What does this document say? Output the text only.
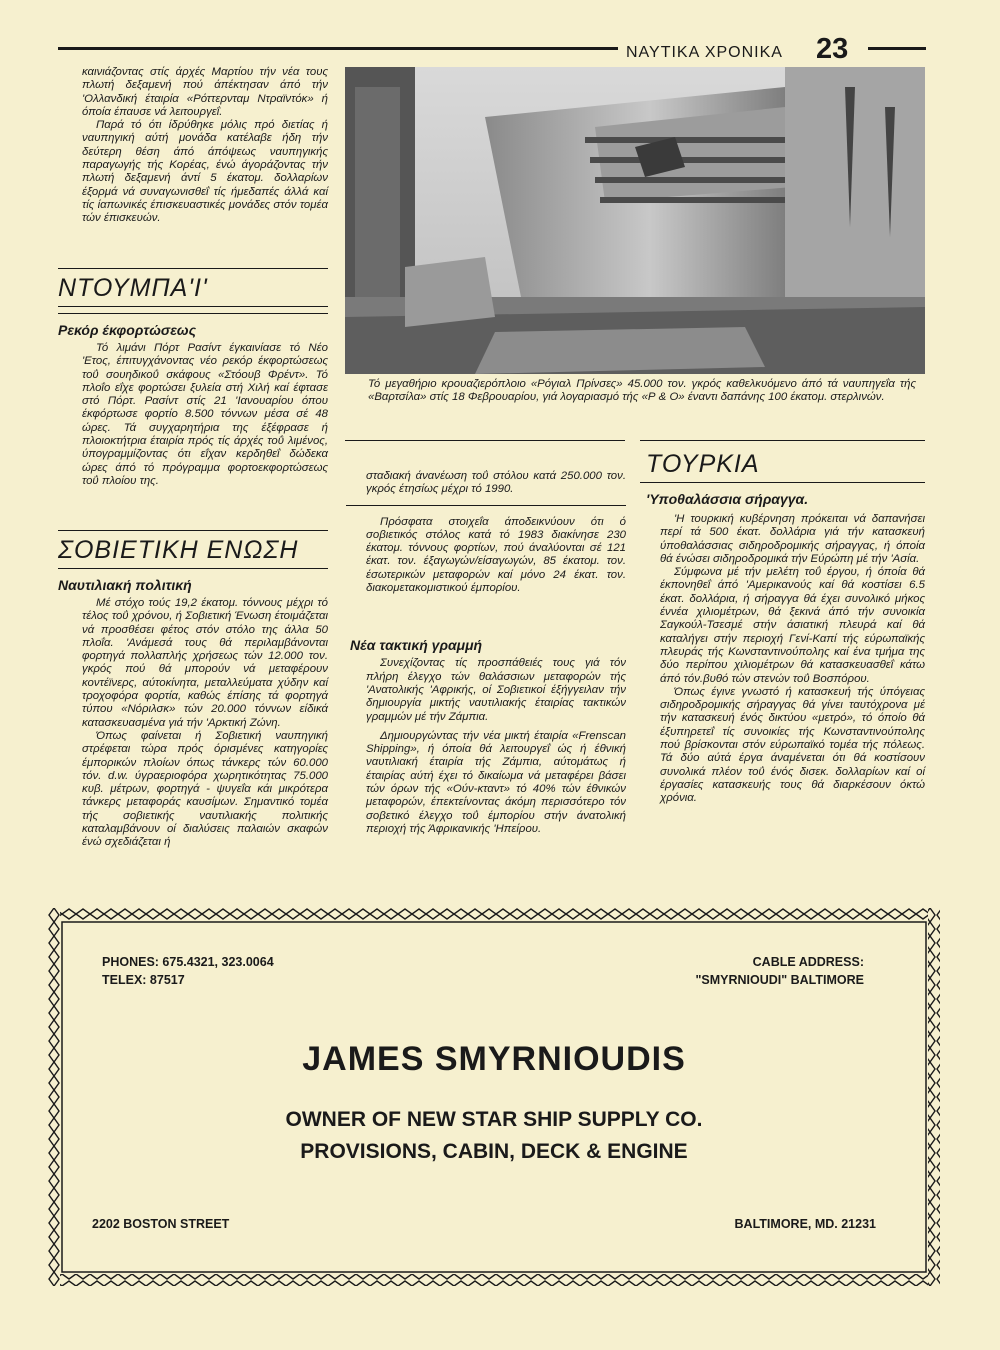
ΝΑΥΤΙΚΑ ΧΡΟΝΙΚΑ 23

καινιάζοντας στίς άρχές Μαρτίου τήν νέα τους πλωτή δεξαμενή πού άπέκτησαν άπό τήν 'Ολλανδική έταιρία «Ρόττερνταμ Ντραϊντόκ» ή όποία έπαυσε νά λειτουργεΐ.

Παρά τό ότι ίδρύθηκε μόλις πρό διετίας ή ναυπηγική αύτή μονάδα κατέλαβε ήδη τήν δεύτερη θέση άπό άπόψεως ναυπηγικής παραγωγής τής Κορέας, ένώ άγοράζοντας τήν πλωτή δεξαμενή άντί 5 έκατομ. δολλαρίων έξορμά νά συναγωνισθεΐ τίς ήμεδαπές άλλά καί τίς ίαπωνικές έπισκευαστικές μονάδες στόν τομέα τών έπισκευών.

ΝΤΟΥΜΠΑ'Ι'
Ρεκόρ έκφορτώσεως

Τό λιμάνι Πόρτ Ρασίντ έγκαινίασε τό Νέο 'Ετος, έπιτυγχάνοντας νέο ρεκόρ έκφορτώσεως τοΰ σουηδικοΰ σκάφους «Στόουβ Φρέντ». Τό πλοΐο εΐχε φορτώσει ξυλεία στή Χιλή καί έφτασε στό Πόρτ. Ρασίντ στίς 21 'Ιανουαρίου όπου έκφόρτωσε φορτίο 8.500 τόννων μέσα σέ 48 ώρες. Τά συγχαρητήρια της έξέφρασε ή πλοιοκτήτρια έταιρία πρός τίς άρχές τοΰ λιμένος, ύπογραμμίζοντας ότι εΐχαν κερδηθεΐ δώδεκα ώρες άπό τό πρόγραμμα φορτοεκφορτώσεως τοΰ πλοίου της.

ΣΟΒΙΕΤΙΚΗ ΕΝΩΣΗ
Ναυτιλιακή πολιτική

Μέ στόχο τούς 19,2 έκατομ. τόννους μέχρι τό τέλος τοΰ χρόνου, ή Σοβιετική Ένωση έτοιμάζεται νά προσθέσει φέτος στόν στόλο της άλλα 50 πλοΐα. 'Ανάμεσά τους θά περιλαμβάνονται φορτηγά πολλαπλής χρήσεως τών 12.000 τον. γκρός πού θά μπορούν νά μεταφέρουν κοντέϊνερς, αύτοκίνητα, μεταλλεύματα χύδην καί τροχοφόρα φορτία, καθώς έπίσης τά φορτηγά τύπου «Νόριλσκ» τών 20.000 τόννων είδικά κατασκευασμένα γιά τήν 'Αρκτική Ζώνη.

Όπως φαίνεται ή Σοβιετική ναυπηγική στρέφεται τώρα πρός όρισμένες κατηγορίες έμπορικών πλοίων όπως τάνκερς τών 60.000 τόν. d.w. ύγραεριοφόρα χωρητικότητας 75.000 κυβ. μέτρων, φορτηγά - ψυγεΐα κάι μικρότερα τάνκερς μεταφοράς καυσίμων. Σημαντικό τομέα τής σοβιετικής ναυτιλιακής πολιτικής καταλαμβάνουν οί διαλύσεις παλαιών σκαφών ένώ σχεδιάζεται ή

Τό μεγαθήριο κρουαζιερόπλοιο «Ρόγιαλ Πρίνσες» 45.000 τον. γκρός καθελκυόμενο άπό τά ναυπηγεΐα τής «Βαρτσίλα» στίς 18 Φεβρουαρίου, γιά λογαριασμό τής «Ρ & Ο» έναντι δαπάνης 100 έκατομ. στερλινών.

σταδιακή άνανέωση τοΰ στόλου κατά 250.000 τον. γκρός έτησίως μέχρι τό 1990.

Πρόσφατα στοιχεΐα άποδεικνύουν ότι ό σοβιετικός στόλος κατά τό 1983 διακίνησε 230 έκατομ. τόννους φορτίων, πού άναλύονται σέ 121 έκατ. τον. έξαγωγών/είσαγωγών, 85 έκατομ. τον. έσωτερικών μεταφορών καί μόνο 24 έκατ. τον. διακομετακομιστικού έμπορίου.

Νέα τακτική γραμμή

Συνεχίζοντας τίς προσπάθειές τους γιά τόν πλήρη έλεγχο τών θαλάσσιων μεταφορών τής 'Ανατολικής 'Αφρικής, οί Σοβιετικοί έξήγγειλαν τήν δημιουργία μικτής ναυτιλιακής έταιρίας τακτικών γραμμών μέ τήν Ζάμπια.

Δημιουργώντας τήν νέα μικτή έταιρία «Frenscan Shipping», ή όποία θά λειτουργεΐ ώς ή έθνική ναυτιλιακή έταιρία τής Ζάμπια, αύτομάτως ή έταιρίας αύτή έχει τό δικαίωμα νά μεταφέρει βάσει τών όρων τής «Ούν-κταντ» τό 40% τών έθνικών μεταφορών, έπεκτείνοντας άκόμη περισσότερο τόν σοβετικό έλεγχο τοΰ έμπορίου στήν άνατολική περιοχή τής Άφρικανικής 'Ηπείρου.

ΤΟΥΡΚΙΑ
'Υποθαλάσσια σήραγγα.

'Η τουρκική κυβέρνηση πρόκειται νά δαπανήσει περί τά 500 έκατ. δολλάρια γιά τήν κατασκευή ύποθαλάσσιας σιδηροδρομικής σήραγγας, ή όποία θά ένώσει σιδηροδρομικά τήν Εύρώπη μέ τήν 'Ασία.

Σύμφωνα μέ τήν μελέτη τοΰ έργου, ή όποία θά έκπονηθεΐ άπό 'Αμερικανούς καί θά κοστίσει 6.5 έκατ. δολλάρια, ή σήραγγα θά έχει συνολικό μήκος έννέα χιλιομέτρων, θά ξεκινά άπό τήν συνοικία Σαγκούλ-Τσεσμέ στήν άσιατική πλευρά καί θά καταλήγει στήν περιοχή Γενί-Καπί τής εύρωπαϊκής πλευράς τής Κωνσταντινούπολης καί ένα τμήμα της δύο περίπου χιλιομέτρων θά κατασκευασθεΐ κάτω άπό τόν.βυθό τών στενών τοΰ Βοσπόρου.

Όπως έγινε γνωστό ή κατασκευή τής ύπόγειας σιδηροδρομικής σήραγγας θά γίνει ταυτόχρονα μέ τήν κατασκευή ένός δικτύου «μετρό», τό όποίο θά έξυπηρετεΐ τίς συνοικίες τής Κωνσταντινούπολης πού βρίσκονται στόν εύρωπαϊκό τομέα τής πόλεως. Τά δύο αύτά έργα άναμένεται ότι θά κοστίσουν συνολικά πλέον τοΰ ένός δισεκ. δολλαρίων καί οί έργασίες κατασκευής τους θά διαρκέσουν όκτώ χρόνια.

PHONES: 675.4321, 323.0064
TELEX: 87517
CABLE ADDRESS:
"SMYRNIOUDI" BALTIMORE
JAMES SMYRNIOUDIS
OWNER OF NEW STAR SHIP SUPPLY CO.
PROVISIONS, CABIN, DECK & ENGINE
2202 BOSTON STREET	BALTIMORE, MD. 21231
